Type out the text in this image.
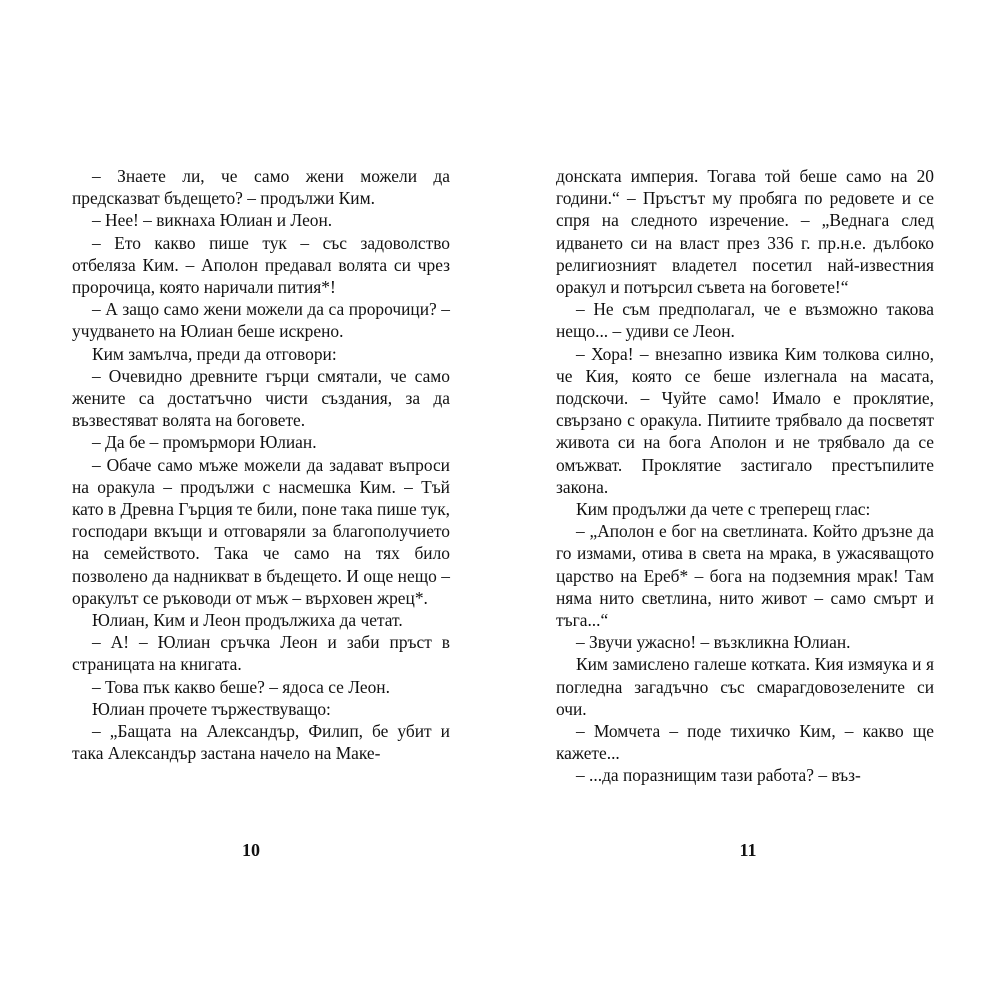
– Знаете ли, че само жени можели да предсказват бъдещето? – продължи Ким.

– Нее! – викнаха Юлиан и Леон.

– Ето какво пише тук – със задоволство отбеляза Ким. – Аполон предавал волята си чрез пророчица, която наричали пития*!

– А защо само жени можели да са пророчици? – учудването на Юлиан беше искрено.

Ким замълча, преди да отговори:

– Очевидно древните гърци смятали, че само жените са достатъчно чисти създания, за да възвестяват волята на боговете.

– Да бе – промърмори Юлиан.

– Обаче само мъже можели да задават въпроси на оракула – продължи с насмешка Ким. – Тъй като в Древна Гърция те били, поне така пише тук, господари вкъщи и отговаряли за благополучието на семейството. Така че само на тях било позволено да надникват в бъдещето. И още нещо – оракулът се ръководи от мъж – върховен жрец*.

Юлиан, Ким и Леон продължиха да четат.

– А! – Юлиан сръчка Леон и заби пръст в страницата на книгата.

– Това пък какво беше? – ядоса се Леон.

Юлиан прочете тържествуващо:

– „Бащата на Александър, Филип, бе убит и така Александър застана начело на Маке-

10

донската империя. Тогава той беше само на 20 години.“ – Пръстът му пробяга по редовете и се спря на следното изречение. – „Веднага след идването си на власт през 336 г. пр.н.е. дълбоко религиозният владетел посетил най-известния оракул и потърсил съвета на боговете!“

– Не съм предполагал, че е възможно такова нещо... – удиви се Леон.

– Хора! – внезапно извика Ким толкова силно, че Кия, която се беше излегнала на масата, подскочи. – Чуйте само! Имало е проклятие, свързано с оракула. Питиите трябвало да посветят живота си на бога Аполон и не трябвало да се омъжват. Проклятие застигало престъпилите закона.

Ким продължи да чете с треперещ глас:

– „Аполон е бог на светлината. Който дръзне да го измами, отива в света на мрака, в ужасяващото царство на Ереб* – бога на подземния мрак! Там няма нито светлина, нито живот – само смърт и тъга...“

– Звучи ужасно! – възкликна Юлиан.

Ким замислено галеше котката. Кия измяука и я погледна загадъчно със смарагдовозелените си очи.

– Момчета – поде тихичко Ким, – какво ще кажете...

– ...да поразнищим тази работа? – въз-

11
